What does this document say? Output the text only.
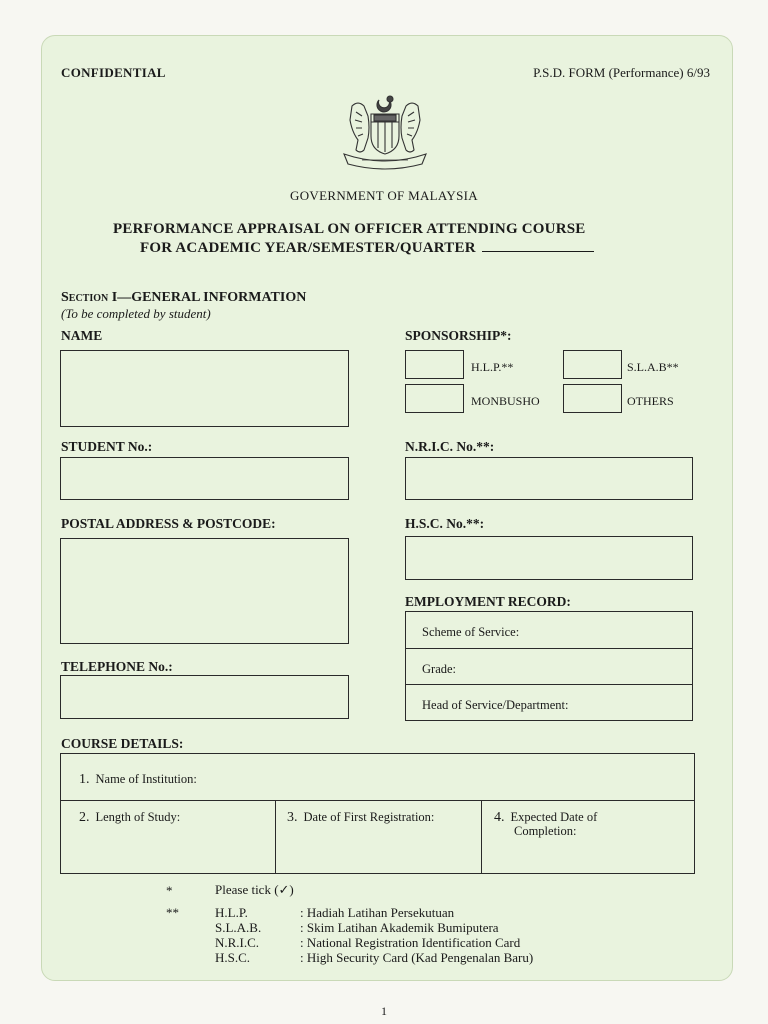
CONFIDENTIAL	P.S.D. FORM (Performance) 6/93
GOVERNMENT OF MALAYSIA
PERFORMANCE APPRAISAL ON OFFICER ATTENDING COURSE
FOR ACADEMIC YEAR/SEMESTER/QUARTER
Section I—GENERAL INFORMATION
(To be completed by student)
NAME	SPONSORSHIP*:
H.L.P.**	S.L.A.B**
MONBUSHO	OTHERS
STUDENT No.:	N.R.I.C. No.**:
POSTAL ADDRESS & POSTCODE:	H.S.C. No.**:
EMPLOYMENT RECORD:
Scheme of Service:
Grade:
Head of Service/Department:
TELEPHONE No.:
COURSE DETAILS:
1. Name of Institution:
2. Length of Study:	3. Date of First Registration:	4. Expected Date of
Completion:
*	Please tick (✓)
**	H.L.P.	: Hadiah Latihan Persekutuan
S.L.A.B.	: Skim Latihan Akademik Bumiputera
N.R.I.C.	: National Registration Identification Card
H.S.C.	: High Security Card (Kad Pengenalan Baru)
1
